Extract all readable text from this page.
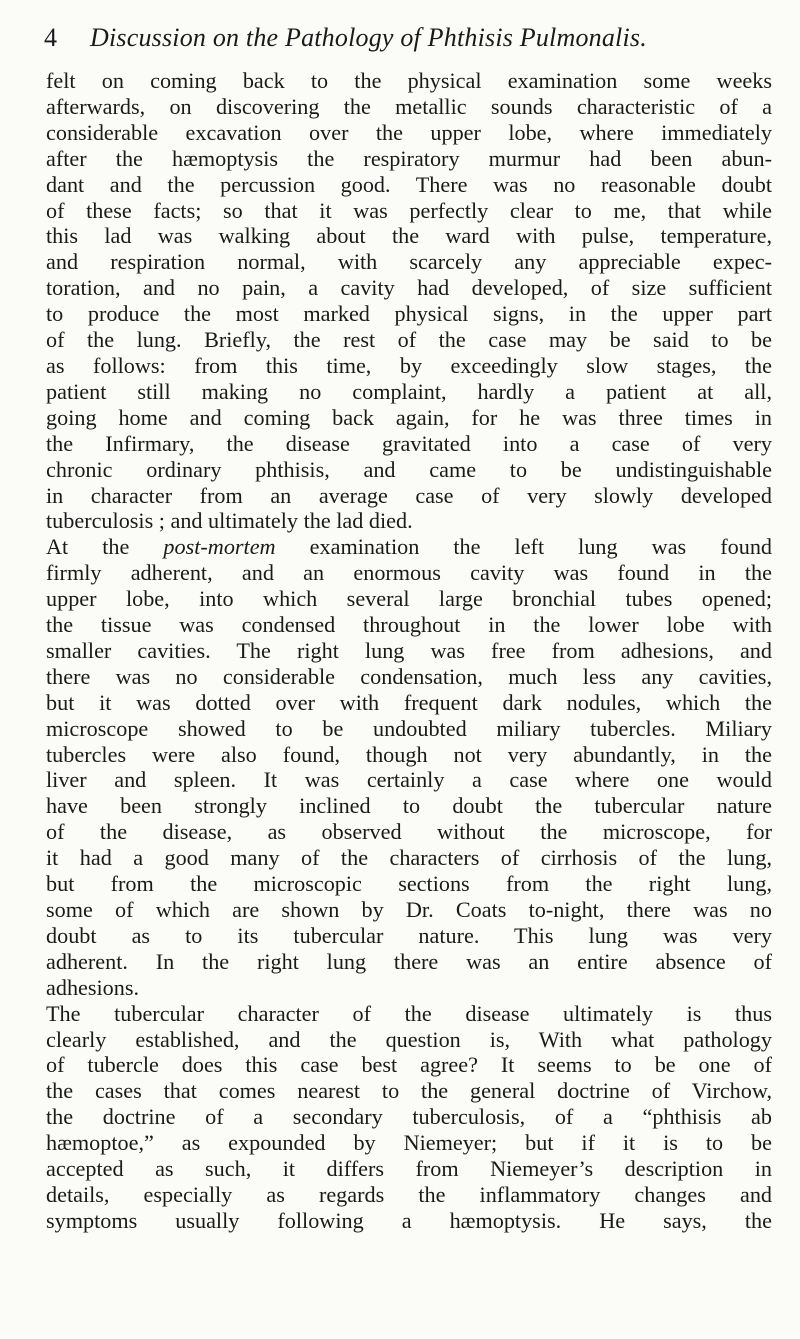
4 Discussion on the Pathology of Phthisis Pulmonalis.
felt on coming back to the physical examination some weeks
afterwards, on discovering the metallic sounds characteristic of a
considerable excavation over the upper lobe, where immediately
after the hæmoptysis the respiratory murmur had been abun-
dant and the percussion good. There was no reasonable doubt
of these facts; so that it was perfectly clear to me, that while
this lad was walking about the ward with pulse, temperature,
and respiration normal, with scarcely any appreciable expec-
toration, and no pain, a cavity had developed, of size sufficient
to produce the most marked physical signs, in the upper part
of the lung. Briefly, the rest of the case may be said to be
as follows: from this time, by exceedingly slow stages, the
patient still making no complaint, hardly a patient at all,
going home and coming back again, for he was three times in
the Infirmary, the disease gravitated into a case of very
chronic ordinary phthisis, and came to be undistinguishable
in character from an average case of very slowly developed
tuberculosis ; and ultimately the lad died.
At the post-mortem examination the left lung was found
firmly adherent, and an enormous cavity was found in the
upper lobe, into which several large bronchial tubes opened;
the tissue was condensed throughout in the lower lobe with
smaller cavities. The right lung was free from adhesions, and
there was no considerable condensation, much less any cavities,
but it was dotted over with frequent dark nodules, which the
microscope showed to be undoubted miliary tubercles. Miliary
tubercles were also found, though not very abundantly, in the
liver and spleen. It was certainly a case where one would
have been strongly inclined to doubt the tubercular nature
of the disease, as observed without the microscope, for
it had a good many of the characters of cirrhosis of the lung,
but from the microscopic sections from the right lung,
some of which are shown by Dr. Coats to-night, there was no
doubt as to its tubercular nature. This lung was very
adherent. In the right lung there was an entire absence of
adhesions.
The tubercular character of the disease ultimately is thus
clearly established, and the question is, With what pathology
of tubercle does this case best agree? It seems to be one of
the cases that comes nearest to the general doctrine of Virchow,
the doctrine of a secondary tuberculosis, of a “phthisis ab
hæmoptoe,” as expounded by Niemeyer; but if it is to be
accepted as such, it differs from Niemeyer’s description in
details, especially as regards the inflammatory changes and
symptoms usually following a hæmoptysis. He says, the
